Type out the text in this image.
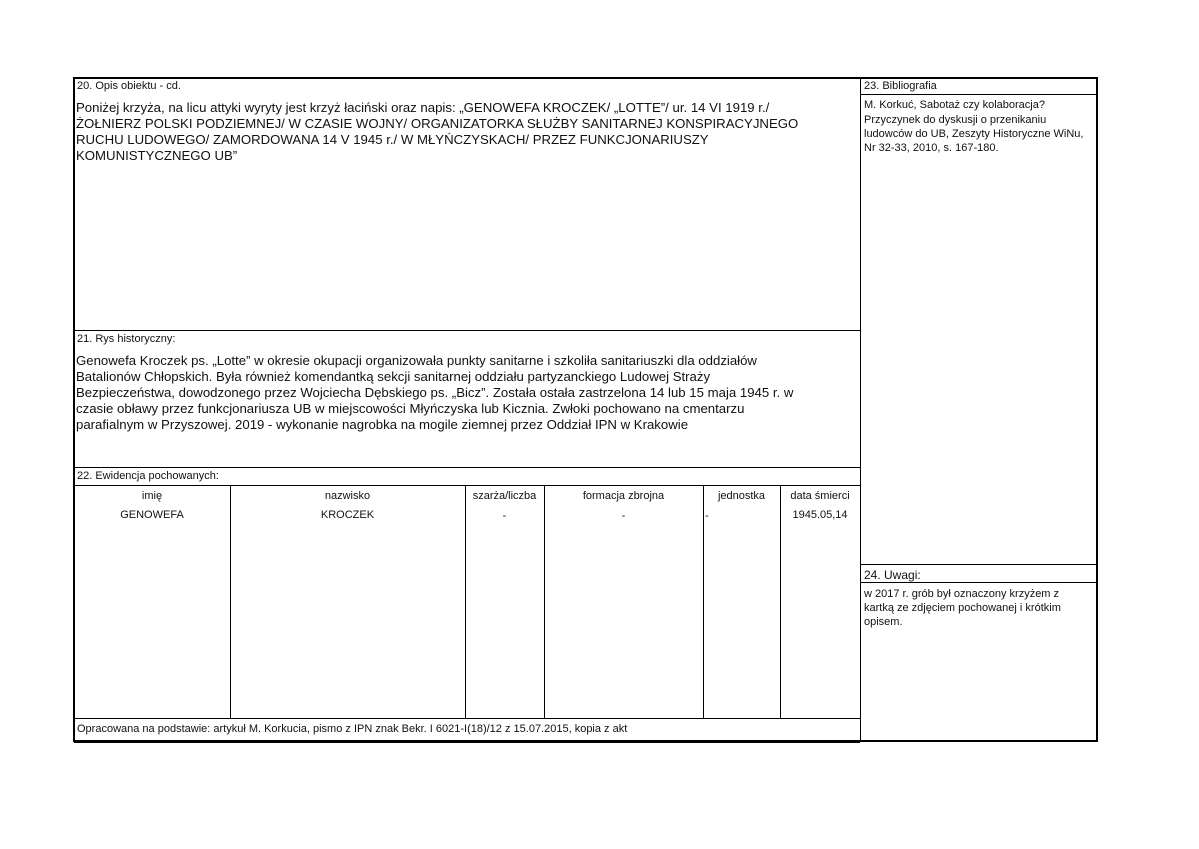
20. Opis obiektu - cd.
Poniżej krzyża, na licu attyki wyryty jest krzyż łaciński oraz napis: „GENOWEFA KROCZEK/ „LOTTE”/ ur. 14 VI 1919 r./
ŻOŁNIERZ POLSKI PODZIEMNEJ/ W CZASIE WOJNY/ ORGANIZATORKA SŁUŻBY SANITARNEJ KONSPIRACYJNEGO
RUCHU LUDOWEGO/ ZAMORDOWANA 14 V 1945 r./ W MŁYŃCZYSKACH/ PRZEZ FUNKCJONARIUSZY
KOMUNISTYCZNEGO UB”
21. Rys historyczny:
Genowefa Kroczek ps. „Lotte” w okresie okupacji organizowała punkty sanitarne i szkoliła sanitariuszki dla oddziałów
Batalionów Chłopskich. Była również komendantką sekcji sanitarnej oddziału partyzanckiego Ludowej Straży
Bezpieczeństwa, dowodzonego przez Wojciecha Dębskiego ps. „Bicz”. Została ostała zastrzelona 14 lub 15 maja 1945 r. w
czasie obławy przez funkcjonariusza UB w miejscowości Młyńczyska lub Kicznia. Zwłoki pochowano na cmentarzu
parafialnym w Przyszowej. 2019 - wykonanie nagrobka na mogile ziemnej przez Oddział IPN w Krakowie
22. Ewidencja pochowanych:
imię	nazwisko	szarża/liczba	formacja zbrojna	jednostka	data śmierci
GENOWEFA	KROCZEK	-	-	-	1945.05,14
Opracowana na podstawie: artykuł M. Korkucia, pismo z IPN znak Bekr. I 6021-I(18)/12 z 15.07.2015, kopia z akt
23. Bibliografia
M. Korkuć, Sabotaż czy kolaboracja?
Przyczynek do dyskusji o przenikaniu
ludowców do UB, Zeszyty Historyczne WiNu,
Nr 32-33, 2010, s. 167-180.
24. Uwagi:
w 2017 r. grób był oznaczony krzyżem z
kartką ze zdjęciem pochowanej i krótkim
opisem.
